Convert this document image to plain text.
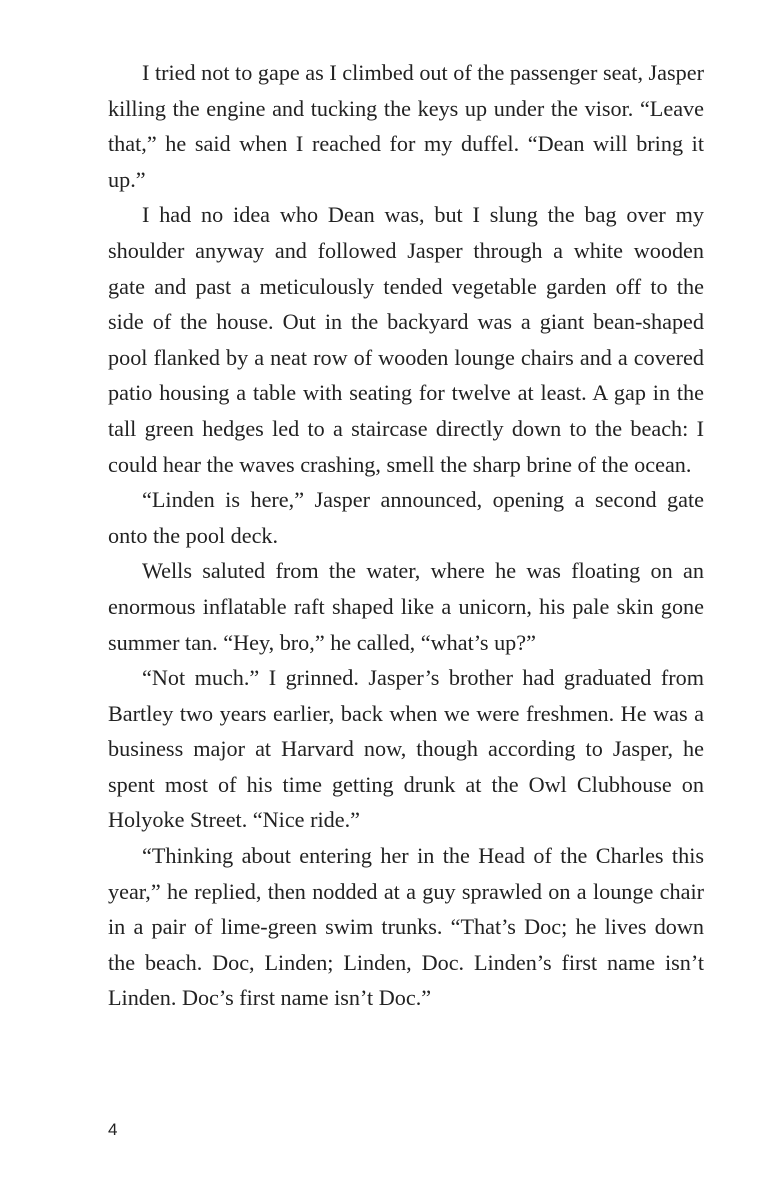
I tried not to gape as I climbed out of the passenger seat, Jasper killing the engine and tucking the keys up under the visor. “Leave that,” he said when I reached for my duffel. “Dean will bring it up.”

I had no idea who Dean was, but I slung the bag over my shoulder anyway and followed Jasper through a white wooden gate and past a meticulously tended vegetable garden off to the side of the house. Out in the backyard was a giant bean-shaped pool flanked by a neat row of wooden lounge chairs and a covered patio housing a table with seating for twelve at least. A gap in the tall green hedges led to a staircase directly down to the beach: I could hear the waves crashing, smell the sharp brine of the ocean.

“Linden is here,” Jasper announced, opening a second gate onto the pool deck.

Wells saluted from the water, where he was floating on an enormous inflatable raft shaped like a unicorn, his pale skin gone summer tan. “Hey, bro,” he called, “what’s up?”

“Not much.” I grinned. Jasper’s brother had graduated from Bartley two years earlier, back when we were freshmen. He was a business major at Harvard now, though according to Jasper, he spent most of his time getting drunk at the Owl Clubhouse on Holyoke Street. “Nice ride.”

“Thinking about entering her in the Head of the Charles this year,” he replied, then nodded at a guy sprawled on a lounge chair in a pair of lime-green swim trunks. “That’s Doc; he lives down the beach. Doc, Linden; Linden, Doc. Linden’s first name isn’t Linden. Doc’s first name isn’t Doc.”

4
